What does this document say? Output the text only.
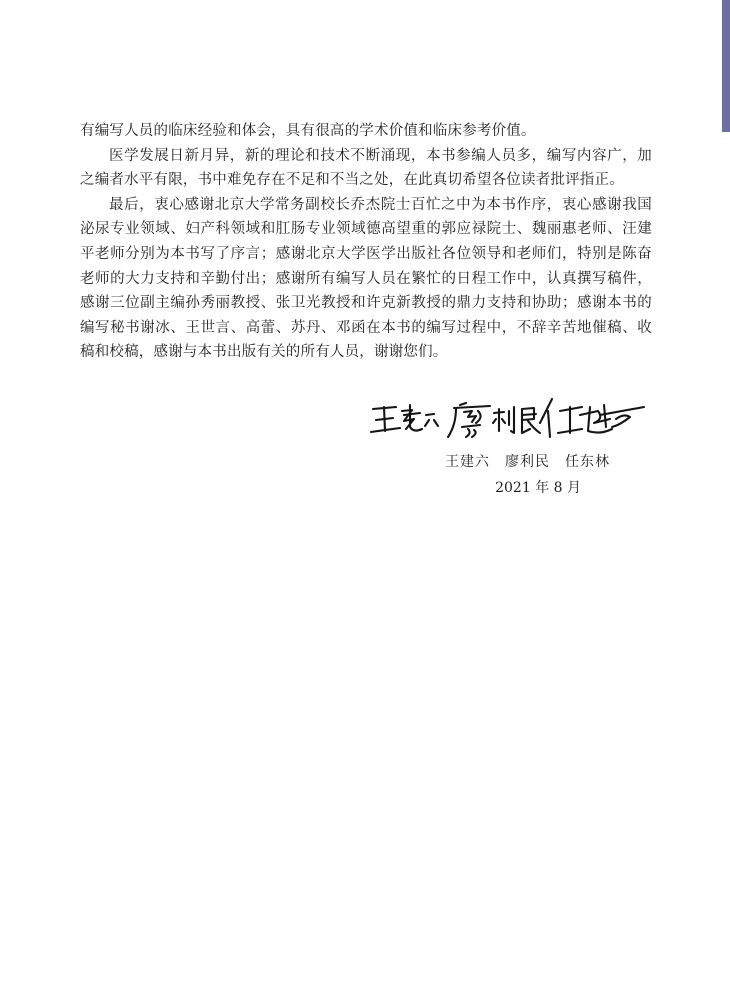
有编写人员的临床经验和体会，具有很高的学术价值和临床参考价值。

医学发展日新月异，新的理论和技术不断涌现，本书参编人员多，编写内容广，加之编者水平有限，书中难免存在不足和不当之处，在此真切希望各位读者批评指正。

最后，衷心感谢北京大学常务副校长乔杰院士百忙之中为本书作序，衷心感谢我国泌尿专业领域、妇产科领域和肛肠专业领域德高望重的郭应禄院士、魏丽惠老师、汪建平老师分别为本书写了序言；感谢北京大学医学出版社各位领导和老师们，特别是陈奋老师的大力支持和辛勤付出；感谢所有编写人员在繁忙的日程工作中，认真撰写稿件，感谢三位副主编孙秀丽教授、张卫光教授和许克新教授的鼎力支持和协助；感谢本书的编写秘书谢冰、王世言、高蕾、苏丹、邓函在本书的编写过程中，不辞辛苦地催稿、收稿和校稿，感谢与本书出版有关的所有人员，谢谢您们。

王建六　廖利民　任东林
2021 年 8 月
